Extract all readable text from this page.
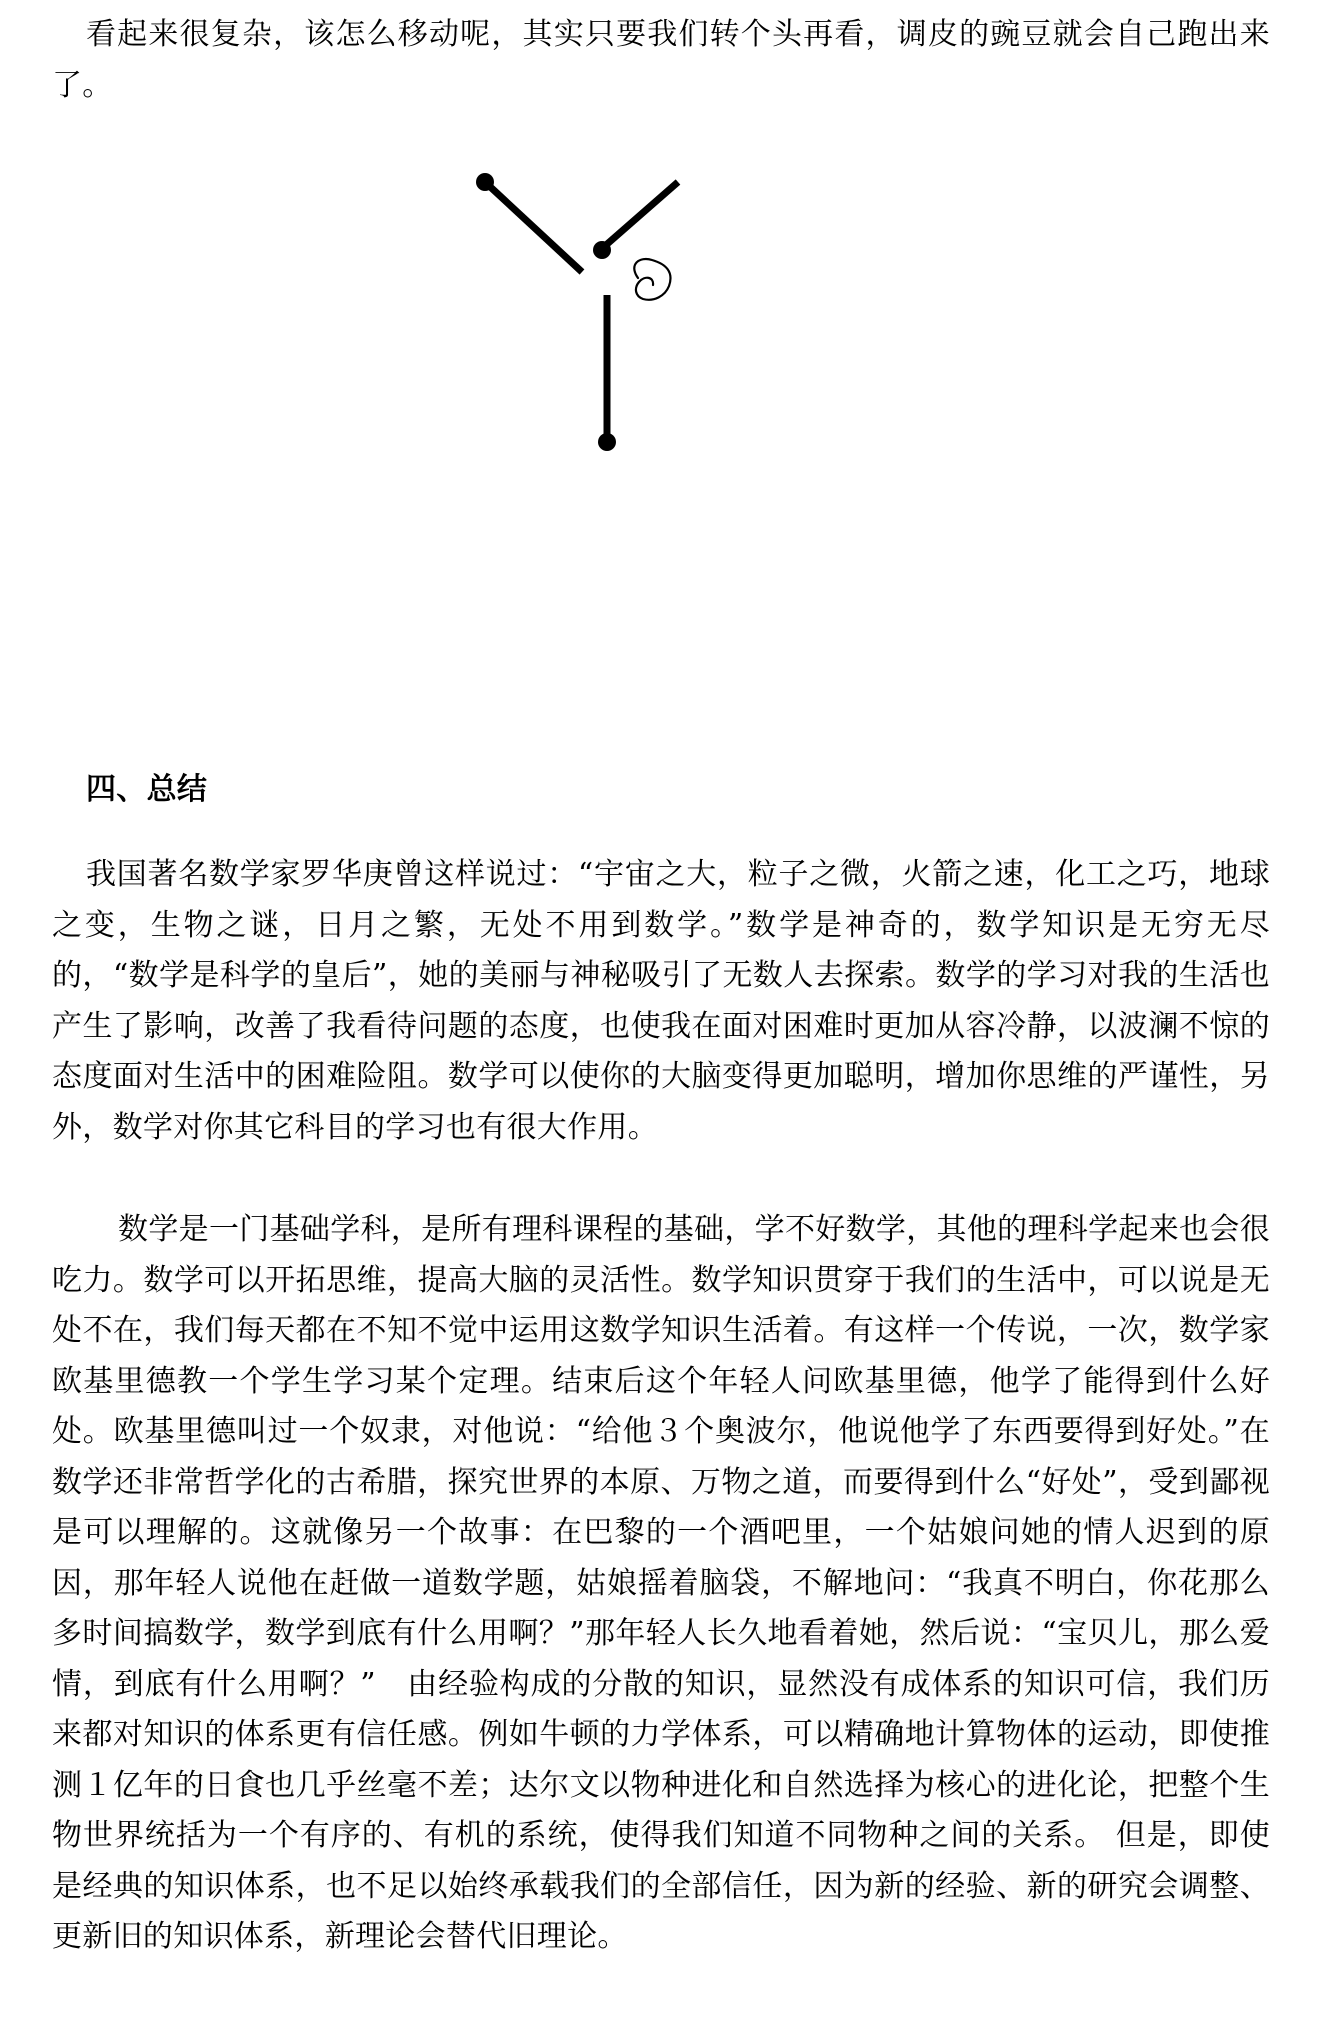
看起来很复杂，该怎么移动呢，其实只要我们转个头再看，调皮的豌豆就会自己跑出来了。

四、总结

我国著名数学家罗华庚曾这样说过：“宇宙之大，粒子之微，火箭之速，化工之巧，地球之变，生物之谜，日月之繁，无处不用到数学。”数学是神奇的，数学知识是无穷无尽的，“数学是科学的皇后”，她的美丽与神秘吸引了无数人去探索。数学的学习对我的生活也产生了影响，改善了我看待问题的态度，也使我在面对困难时更加从容冷静，以波澜不惊的态度面对生活中的困难险阻。数学可以使你的大脑变得更加聪明，增加你思维的严谨性，另外，数学对你其它科目的学习也有很大作用。

数学是一门基础学科，是所有理科课程的基础，学不好数学，其他的理科学起来也会很吃力。数学可以开拓思维，提高大脑的灵活性。数学知识贯穿于我们的生活中，可以说是无处不在，我们每天都在不知不觉中运用这数学知识生活着。有这样一个传说，一次，数学家欧基里德教一个学生学习某个定理。结束后这个年轻人问欧基里德，他学了能得到什么好处。欧基里德叫过一个奴隶，对他说：“给他３个奥波尔，他说他学了东西要得到好处。”在数学还非常哲学化的古希腊，探究世界的本原、万物之道，而要得到什么“好处”，受到鄙视是可以理解的。这就像另一个故事：在巴黎的一个酒吧里，一个姑娘问她的情人迟到的原因，那年轻人说他在赶做一道数学题，姑娘摇着脑袋，不解地问：“我真不明白，你花那么多时间搞数学，数学到底有什么用啊？”那年轻人长久地看着她，然后说：“宝贝儿，那么爱情，到底有什么用啊？”　由经验构成的分散的知识，显然没有成体系的知识可信，我们历来都对知识的体系更有信任感。例如牛顿的力学体系，可以精确地计算物体的运动，即使推测１亿年的日食也几乎丝毫不差；达尔文以物种进化和自然选择为核心的进化论，把整个生物世界统括为一个有序的、有机的系统，使得我们知道不同物种之间的关系。 但是，即使是经典的知识体系，也不足以始终承载我们的全部信任，因为新的经验、新的研究会调整、更新旧的知识体系，新理论会替代旧理论。
